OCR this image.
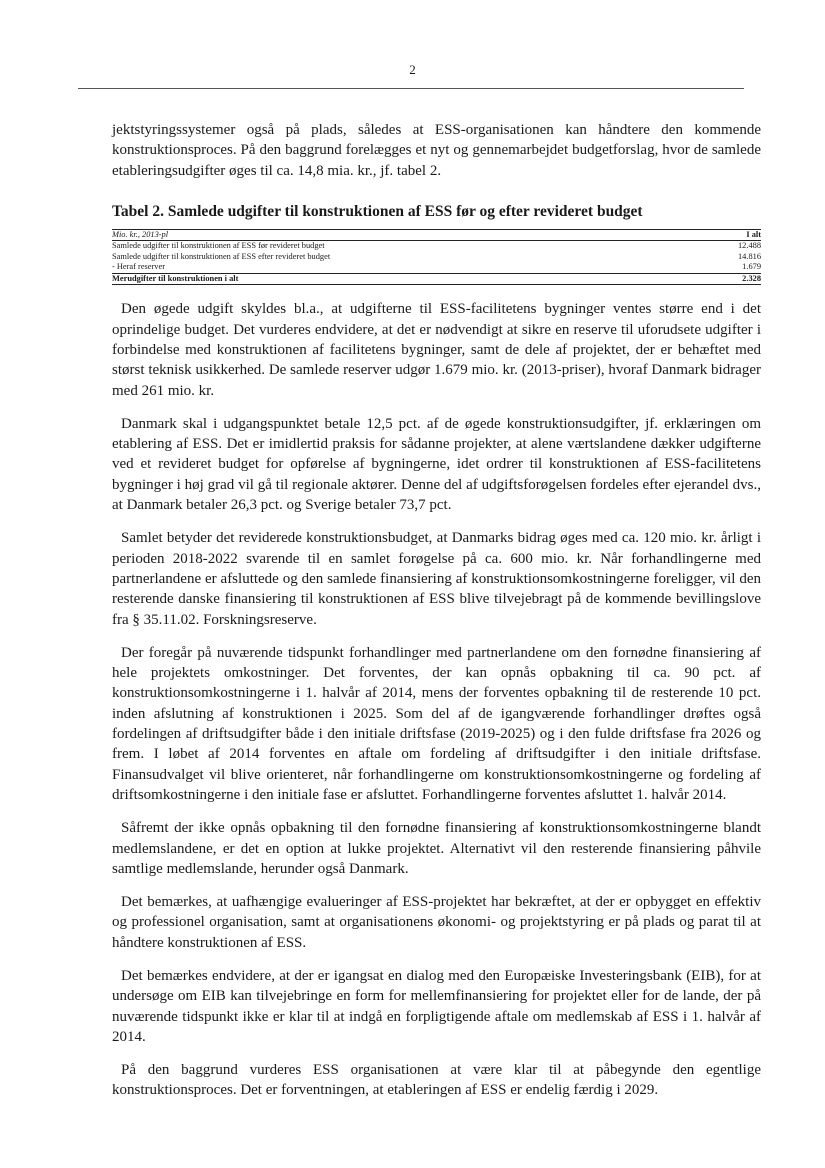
2

jektstyringssystemer også på plads, således at ESS-organisationen kan håndtere den kommende konstruktionsproces. På den baggrund forelægges et nyt og gennemarbejdet budgetforslag, hvor de samlede etableringsudgifter øges til ca. 14,8 mia. kr., jf. tabel 2.

Tabel 2. Samlede udgifter til konstruktionen af ESS før og efter revideret budget
Mio. kr., 2013-pl	I alt
Samlede udgifter til konstruktionen af ESS før revideret budget	12.488
Samlede udgifter til konstruktionen af ESS efter revideret budget	14.816
- Heraf reserver	1.679
Merudgifter til konstruktionen i alt	2.328

Den øgede udgift skyldes bl.a., at udgifterne til ESS-facilitetens bygninger ventes større end i det oprindelige budget. Det vurderes endvidere, at det er nødvendigt at sikre en reserve til uforudsete udgifter i forbindelse med konstruktionen af facilitetens bygninger, samt de dele af projektet, der er behæftet med størst teknisk usikkerhed. De samlede reserver udgør 1.679 mio. kr. (2013-priser), hvoraf Danmark bidrager med 261 mio. kr.

Danmark skal i udgangspunktet betale 12,5 pct. af de øgede konstruktionsudgifter, jf. erklæringen om etablering af ESS. Det er imidlertid praksis for sådanne projekter, at alene værtslandene dækker udgifterne ved et revideret budget for opførelse af bygningerne, idet ordrer til konstruktionen af ESS-facilitetens bygninger i høj grad vil gå til regionale aktører. Denne del af udgiftsforøgelsen fordeles efter ejerandel dvs., at Danmark betaler 26,3 pct. og Sverige betaler 73,7 pct.

Samlet betyder det reviderede konstruktionsbudget, at Danmarks bidrag øges med ca. 120 mio. kr. årligt i perioden 2018-2022 svarende til en samlet forøgelse på ca. 600 mio. kr. Når forhandlingerne med partnerlandene er afsluttede og den samlede finansiering af konstruktionsomkostningerne foreligger, vil den resterende danske finansiering til konstruktionen af ESS blive tilvejebragt på de kommende bevillingslove fra § 35.11.02. Forskningsreserve.

Der foregår på nuværende tidspunkt forhandlinger med partnerlandene om den fornødne finansiering af hele projektets omkostninger. Det forventes, der kan opnås opbakning til ca. 90 pct. af konstruktionsomkostningerne i 1. halvår af 2014, mens der forventes opbakning til de resterende 10 pct. inden afslutning af konstruktionen i 2025. Som del af de igangværende forhandlinger drøftes også fordelingen af driftsudgifter både i den initiale driftsfase (2019-2025) og i den fulde driftsfase fra 2026 og frem. I løbet af 2014 forventes en aftale om fordeling af driftsudgifter i den initiale driftsfase. Finansudvalget vil blive orienteret, når forhandlingerne om konstruktionsomkostningerne og fordeling af driftsomkostningerne i den initiale fase er afsluttet. Forhandlingerne forventes afsluttet 1. halvår 2014.

Såfremt der ikke opnås opbakning til den fornødne finansiering af konstruktionsomkostningerne blandt medlemslandene, er det en option at lukke projektet. Alternativt vil den resterende finansiering påhvile samtlige medlemslande, herunder også Danmark.

Det bemærkes, at uafhængige evalueringer af ESS-projektet har bekræftet, at der er opbygget en effektiv og professionel organisation, samt at organisationens økonomi- og projektstyring er på plads og parat til at håndtere konstruktionen af ESS.

Det bemærkes endvidere, at der er igangsat en dialog med den Europæiske Investeringsbank (EIB), for at undersøge om EIB kan tilvejebringe en form for mellemfinansiering for projektet eller for de lande, der på nuværende tidspunkt ikke er klar til at indgå en forpligtigende aftale om medlemskab af ESS i 1. halvår af 2014.

På den baggrund vurderes ESS organisationen at være klar til at påbegynde den egentlige konstruktionsproces. Det er forventningen, at etableringen af ESS er endelig færdig i 2029.
